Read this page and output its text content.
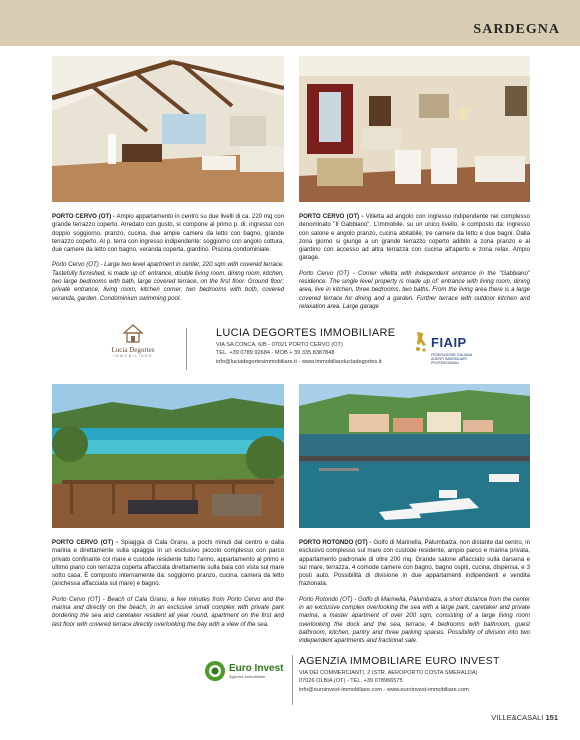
SARDEGNA
PORTO CERVO (OT) - Ampio appartamento in centro su due livelli di ca. 220 mq con grande terrazzo coperto. Arredato con gusto, si compone al primo p. di: ingresso con doppio soggiorno, pranzo, cucina, due ampie camere da letto con bagno, grande terrazzo coperto. Al p. terra con ingresso indipendente: soggiorno con angolo cottura, due camere da letto con bagno, veranda coperta, giardino. Piscina condominiale.
Porto Cervo (OT) - Large two level apartment in center, 220 sqm with covered terrace. Tastefully furnished, is made up of: entrance, double living room, dining room, kitchen, two large bedrooms with bath, large covered terrace, on the first floor. Ground floor: private entrance, living room, kitchen corner, two bedrooms with both, covered veranda, garden. Condominium swimming pool.
PORTO CERVO (OT) - Villetta ad angolo con ingresso indipendente nel complesso denominato "Il Gabbiano". L'immobile, su un unico livello, è composto da: ingresso con salone e angolo pranzo, cucina abitabile, tre camere da letto e due bagni. Dalla zona giorno si giunge a un grande terrazzo coperto adibito a zona pranzo e al giardino con accesso ad altra terrazza con cucina all'aperto e zona relax. Ampio garage.
Porto Cervo (OT) - Corner villetta with independent entrance in the "Gabbiano" residence. The single level property is made up of: entrance with living room, dining area, live in kitchen, three bedrooms, two baths. From the living area there is a large covered terrace for dining and a garden. Further terrace with outdoor kitchen and relaxation area. Large garage
Lucia Degortes
IMMOBILIARE
LUCIA DEGORTES IMMOBILIARE
VIA SA CONCA, 6/B - 07021 PORTO CERVO (OT)
TEL. +39 0789 92684 - MOB + 39 335 8387848
info@luciadegortesimmobiliare.it - www.immobiliareluciadegortes.it
FIAIP
FEDERAZIONE ITALIANA
AGENTI IMMOBILIARI
PROFESSIONALI
PORTO CERVO (OT) - Spiaggia di Cala Granu, a pochi minuti dal centro e dalla marina e direttamente sulla spiaggia in un esclusivo piccolo complesso con parco privato confinante col mare e custode residente tutto l'anno, appartamento al primo e ultimo piano con terrazza coperta affacciata direttamente sulla baia con vista sul mare sotto casa. È composto internamente da: soggiorno pranzo, cucina, camera da letto (anchessa affacciata sul mare) e bagno.
Porto Cervo (OT) - Beach of Cala Granu, a few minutes from Porto Cervo and the marina and directly on the beach, in an exclusive small complex with private park bordering the sea and caretaker resident all year round, apartment on the first and last floor with covered terrace directly overlooking the bay with a view of the sea.
PORTO ROTONDO (OT) - Golfo di Marinella, Palumbalza, non distante dal centro, in esclusivo complesso sul mare con custode residente, ampio parco e marina privata, appartamento padronale di oltre 200 mq. Grande salone affacciato sulla darsena e sul mare, terrazza, 4 comode camere con bagno, bagno ospiti, cucina, dispensa, e 3 posti auto. Possibilità di divisione in due appartamenti indipendenti e vendita frazionata.
Porto Rotondo (OT) - Golfo di Marinella, Palumbalza, a short distance from the center in an exclusive complex overlooking the sea with a large park, caretaker and private marina, a master apartment of over 200 sqm, consisting of a large living room overlooking the dock and the sea, terrace, 4 bedrooms with bathroom, guest bathroom, kitchen, pantry and three parking spaces. Possibility of division into two independent apartments and fractional sale.
Euro Invest
Agenzia Immobiliare
AGENZIA IMMOBILIARE EURO INVEST
VIA DEI COMMERCIANTI, 2 (STR. AEROPORTO COSTA SMERALDA)
07026 OLBIA (OT) - TEL. +39 078966575
info@euroinvest-immobiliare.com - www.euroinvest-immobiliare.com
VILLE&CASALI 151
